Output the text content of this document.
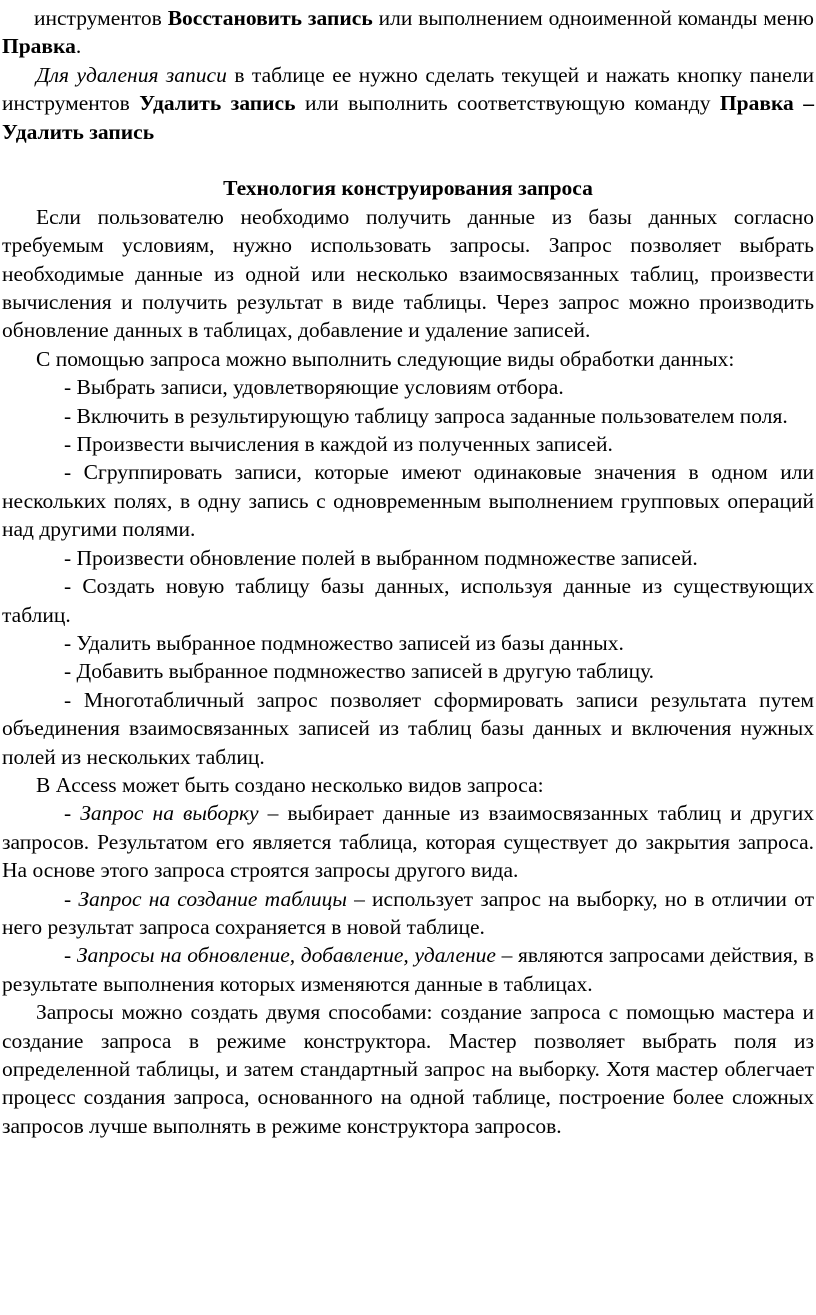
инструментов Восстановить запись или выполнением одноименной команды меню Правка.

Для удаления записи в таблице ее нужно сделать текущей и нажать кнопку панели инструментов Удалить запись или выполнить соответствующую команду Правка – Удалить запись

Технология конструирования запроса

Если пользователю необходимо получить данные из базы данных согласно требуемым условиям, нужно использовать запросы. Запрос позволяет выбрать необходимые данные из одной или несколько взаимосвязанных таблиц, произвести вычисления и получить результат в виде таблицы. Через запрос можно производить обновление данных в таблицах, добавление и удаление записей.

С помощью запроса можно выполнить следующие виды обработки данных:

- Выбрать записи, удовлетворяющие условиям отбора.

- Включить в результирующую таблицу запроса заданные пользователем поля.

- Произвести вычисления в каждой из полученных записей.

- Сгруппировать записи, которые имеют одинаковые значения в одном или нескольких полях, в одну запись с одновременным выполнением групповых операций над другими полями.

- Произвести обновление полей в выбранном подмножестве записей.

- Создать новую таблицу базы данных, используя данные из существующих таблиц.

- Удалить выбранное подмножество записей из базы данных.

- Добавить выбранное подмножество записей в другую таблицу.

- Многотабличный запрос позволяет сформировать записи результата путем объединения взаимосвязанных записей из таблиц базы данных и включения нужных полей из нескольких таблиц.

В Access может быть создано несколько видов запроса:

- Запрос на выборку – выбирает данные из взаимосвязанных таблиц и других запросов. Результатом его является таблица, которая существует до закрытия запроса. На основе этого запроса строятся запросы другого вида.

- Запрос на создание таблицы – использует запрос на выборку, но в отличии от него результат запроса сохраняется в новой таблице.

- Запросы на обновление, добавление, удаление – являются запросами действия, в результате выполнения которых изменяются данные в таблицах.

Запросы можно создать двумя способами: создание запроса с помощью мастера и создание запроса в режиме конструктора. Мастер позволяет выбрать поля из определенной таблицы, и затем стандартный запрос на выборку. Хотя мастер облегчает процесс создания запроса, основанного на одной таблице, построение более сложных запросов лучше выполнять в режиме конструктора запросов.
